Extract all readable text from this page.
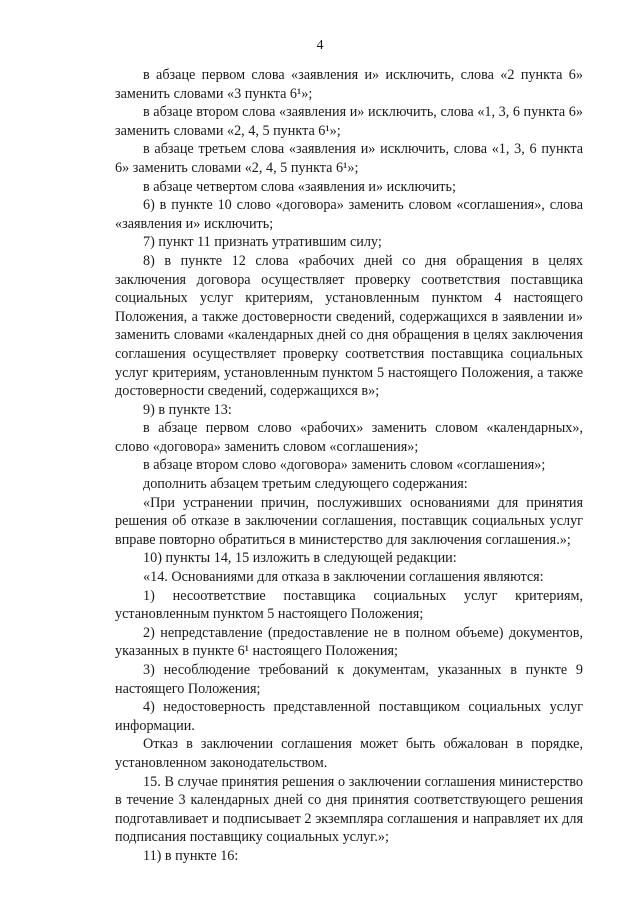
4

в абзаце первом слова «заявления и» исключить, слова «2 пункта 6» заменить словами «3 пункта 6¹»;

в абзаце втором слова «заявления и» исключить, слова «1, 3, 6 пункта 6» заменить словами «2, 4, 5 пункта 6¹»;

в абзаце третьем слова «заявления и» исключить, слова «1, 3, 6 пункта 6» заменить словами «2, 4, 5 пункта 6¹»;

в абзаце четвертом слова «заявления и» исключить;

6) в пункте 10 слово «договора» заменить словом «соглашения», слова «заявления и» исключить;

7) пункт 11 признать утратившим силу;

8) в пункте 12 слова «рабочих дней со дня обращения в целях заключения договора осуществляет проверку соответствия поставщика социальных услуг критериям, установленным пунктом 4 настоящего Положения, а также достоверности сведений, содержащихся в заявлении и» заменить словами «календарных дней со дня обращения в целях заключения соглашения осуществляет проверку соответствия поставщика социальных услуг критериям, установленным пунктом 5 настоящего Положения, а также достоверности сведений, содержащихся в»;

9) в пункте 13:

в абзаце первом слово «рабочих» заменить словом «календарных», слово «договора» заменить словом «соглашения»;

в абзаце втором слово «договора» заменить словом «соглашения»;

дополнить абзацем третьим следующего содержания:

«При устранении причин, послуживших основаниями для принятия решения об отказе в заключении соглашения, поставщик социальных услуг вправе повторно обратиться в министерство для заключения соглашения.»;

10) пункты 14, 15 изложить в следующей редакции:

«14. Основаниями для отказа в заключении соглашения являются:

1) несоответствие поставщика социальных услуг критериям, установленным пунктом 5 настоящего Положения;

2) непредставление (предоставление не в полном объеме) документов, указанных в пункте 6¹ настоящего Положения;

3) несоблюдение требований к документам, указанных в пункте 9 настоящего Положения;

4) недостоверность представленной поставщиком социальных услуг информации.

Отказ в заключении соглашения может быть обжалован в порядке, установленном законодательством.

15. В случае принятия решения о заключении соглашения министерство в течение 3 календарных дней со дня принятия соответствующего решения подготавливает и подписывает 2 экземпляра соглашения и направляет их для подписания поставщику социальных услуг.»;

11) в пункте 16:
